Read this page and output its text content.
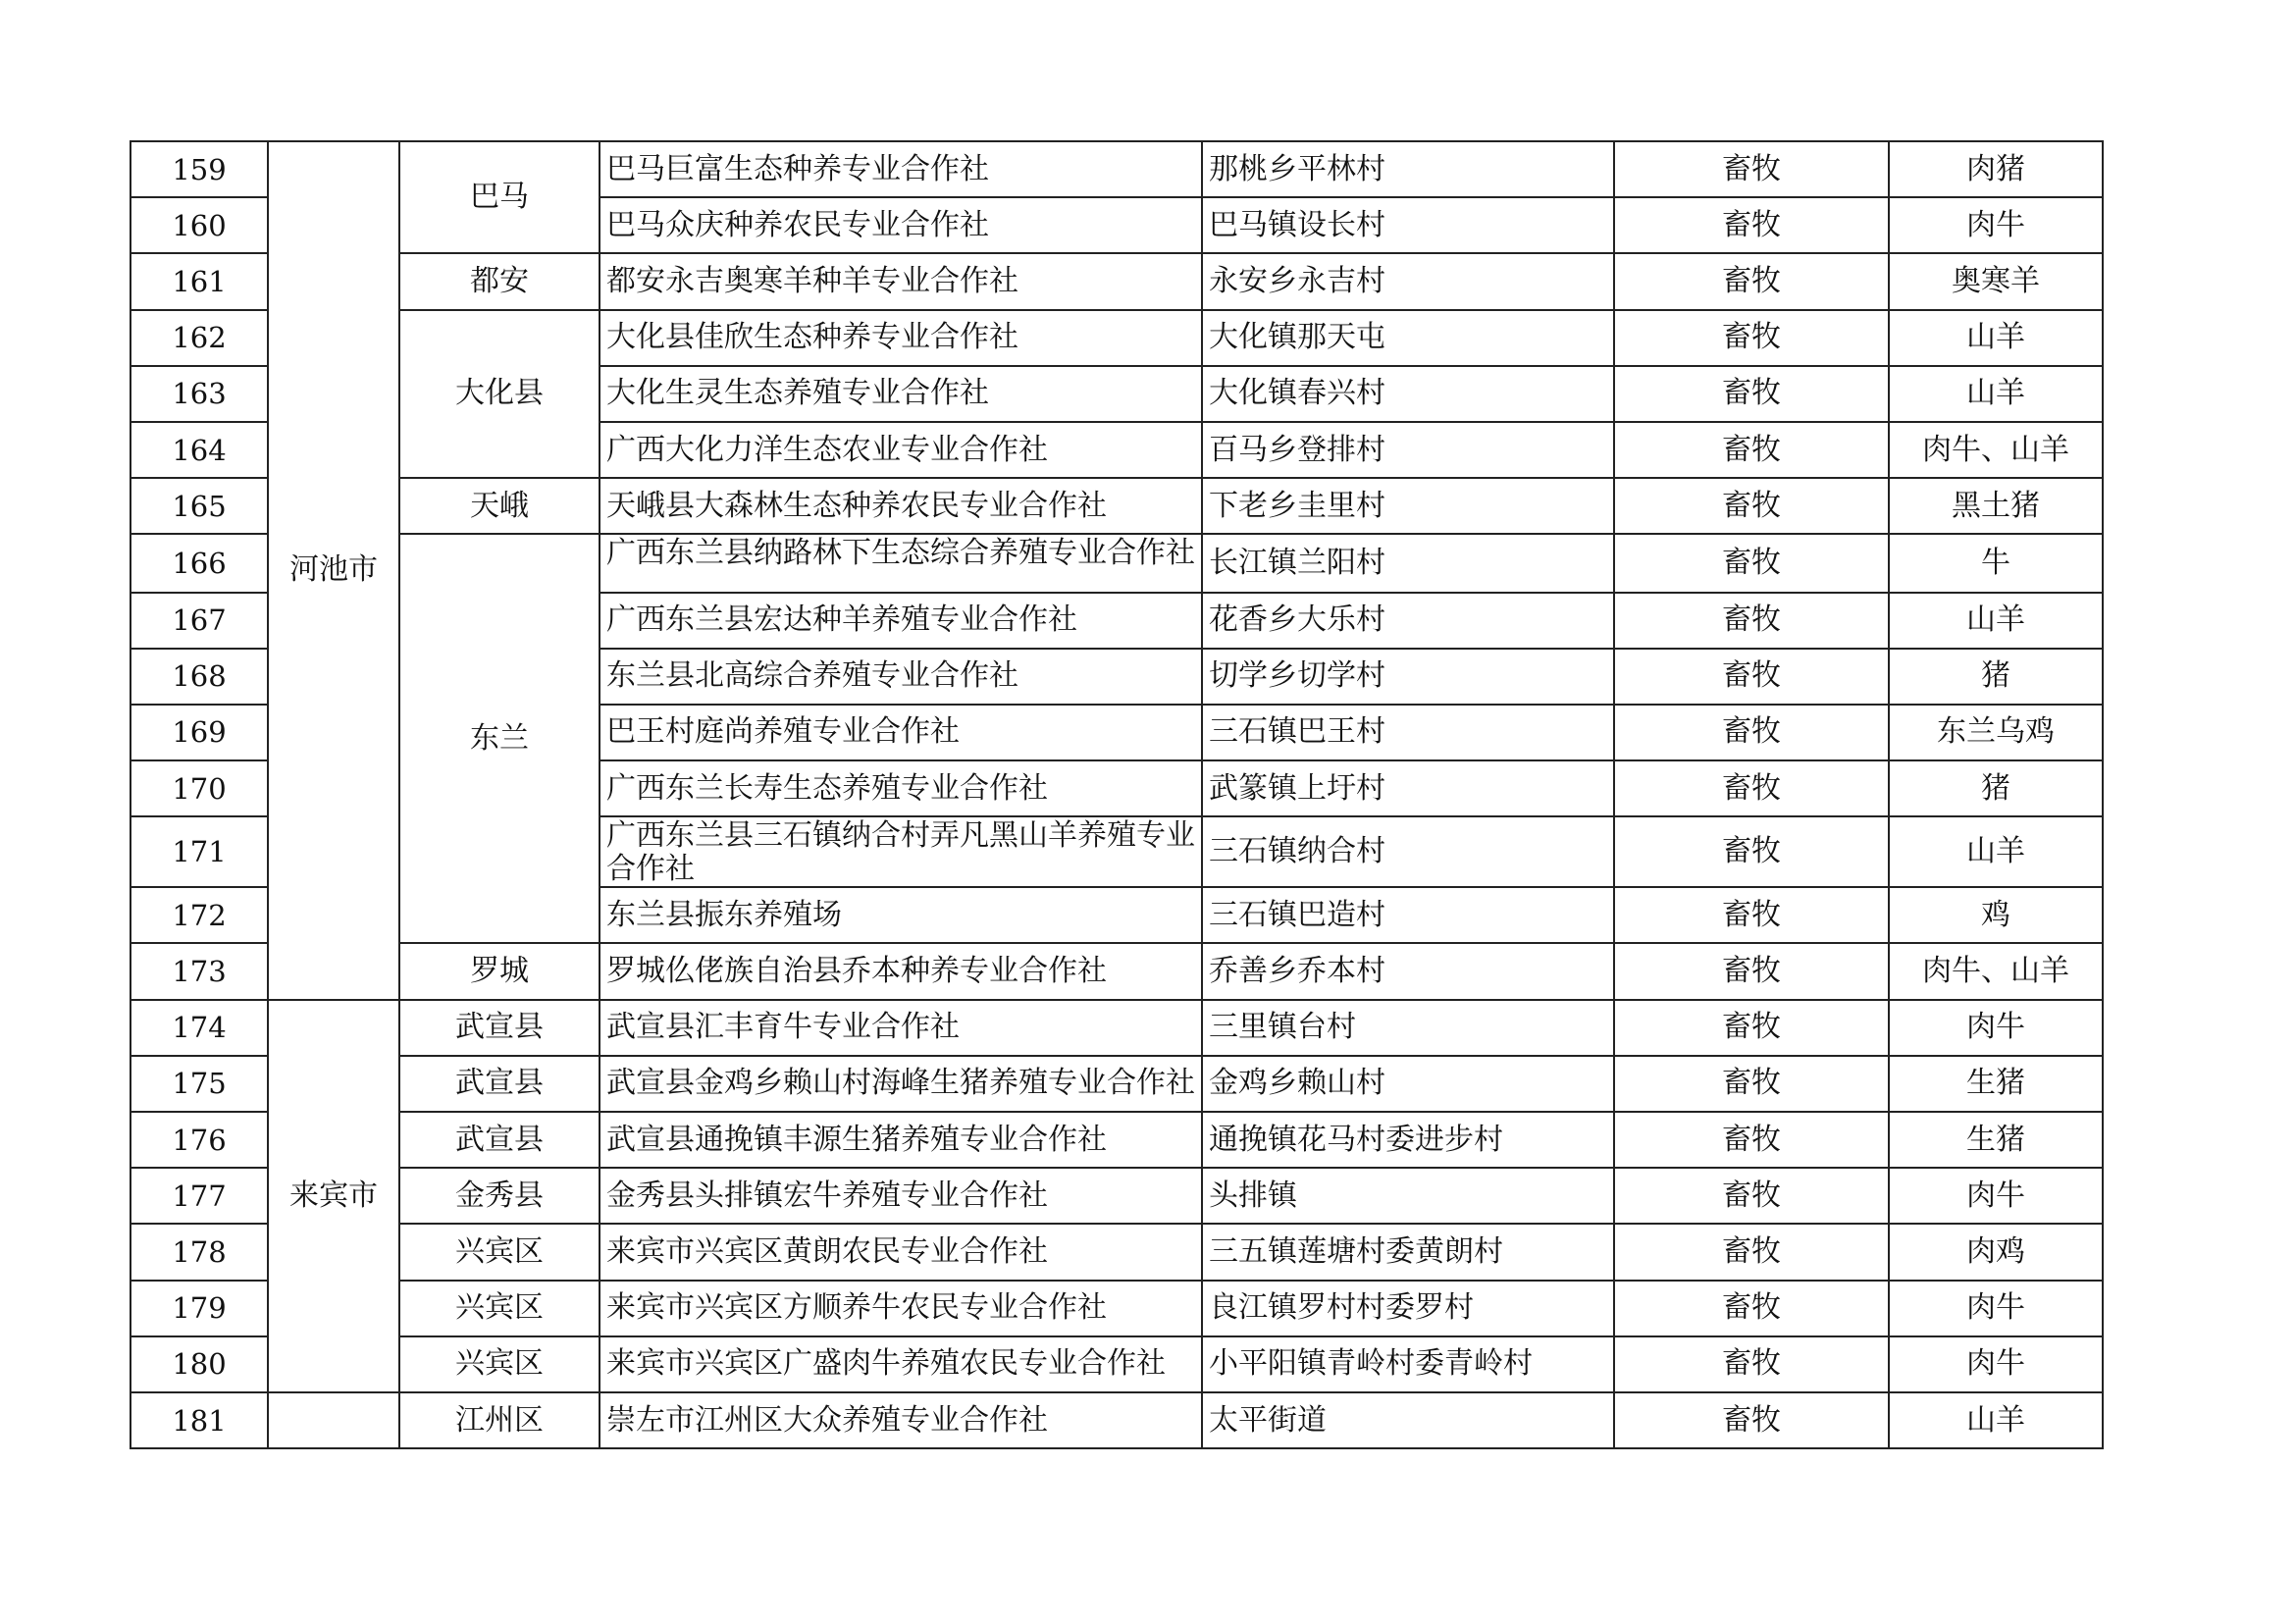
159	河池市	巴马	巴马巨富生态种养专业合作社	那桃乡平林村	畜牧	肉猪
160			巴马众庆种养农民专业合作社	巴马镇设长村	畜牧	肉牛
161		都安	都安永吉奥寒羊种羊专业合作社	永安乡永吉村	畜牧	奥寒羊
162		大化县	大化县佳欣生态种养专业合作社	大化镇那天屯	畜牧	山羊
163			大化生灵生态养殖专业合作社	大化镇春兴村	畜牧	山羊
164			广西大化力洋生态农业专业合作社	百马乡登排村	畜牧	肉牛、山羊
165		天峨	天峨县大森林生态种养农民专业合作社	下老乡圭里村	畜牧	黑土猪
166		东兰	广西东兰县纳路林下生态综合养殖专业合作社	长江镇兰阳村	畜牧	牛
167			广西东兰县宏达种羊养殖专业合作社	花香乡大乐村	畜牧	山羊
168			东兰县北高综合养殖专业合作社	切学乡切学村	畜牧	猪
169			巴王村庭尚养殖专业合作社	三石镇巴王村	畜牧	东兰乌鸡
170			广西东兰长寿生态养殖专业合作社	武篆镇上圩村	畜牧	猪
171			广西东兰县三石镇纳合村弄凡黑山羊养殖专业合作社	三石镇纳合村	畜牧	山羊
172			东兰县振东养殖场	三石镇巴造村	畜牧	鸡
173		罗城	罗城仫佬族自治县乔本种养专业合作社	乔善乡乔本村	畜牧	肉牛、山羊
174	来宾市	武宣县	武宣县汇丰育牛专业合作社	三里镇台村	畜牧	肉牛
175		武宣县	武宣县金鸡乡赖山村海峰生猪养殖专业合作社	金鸡乡赖山村	畜牧	生猪
176		武宣县	武宣县通挽镇丰源生猪养殖专业合作社	通挽镇花马村委进步村	畜牧	生猪
177		金秀县	金秀县头排镇宏牛养殖专业合作社	头排镇	畜牧	肉牛
178		兴宾区	来宾市兴宾区黄朗农民专业合作社	三五镇莲塘村委黄朗村	畜牧	肉鸡
179		兴宾区	来宾市兴宾区方顺养牛农民专业合作社	良江镇罗村村委罗村	畜牧	肉牛
180		兴宾区	来宾市兴宾区广盛肉牛养殖农民专业合作社	小平阳镇青岭村委青岭村	畜牧	肉牛
181		江州区	崇左市江州区大众养殖专业合作社	太平街道	畜牧	山羊
